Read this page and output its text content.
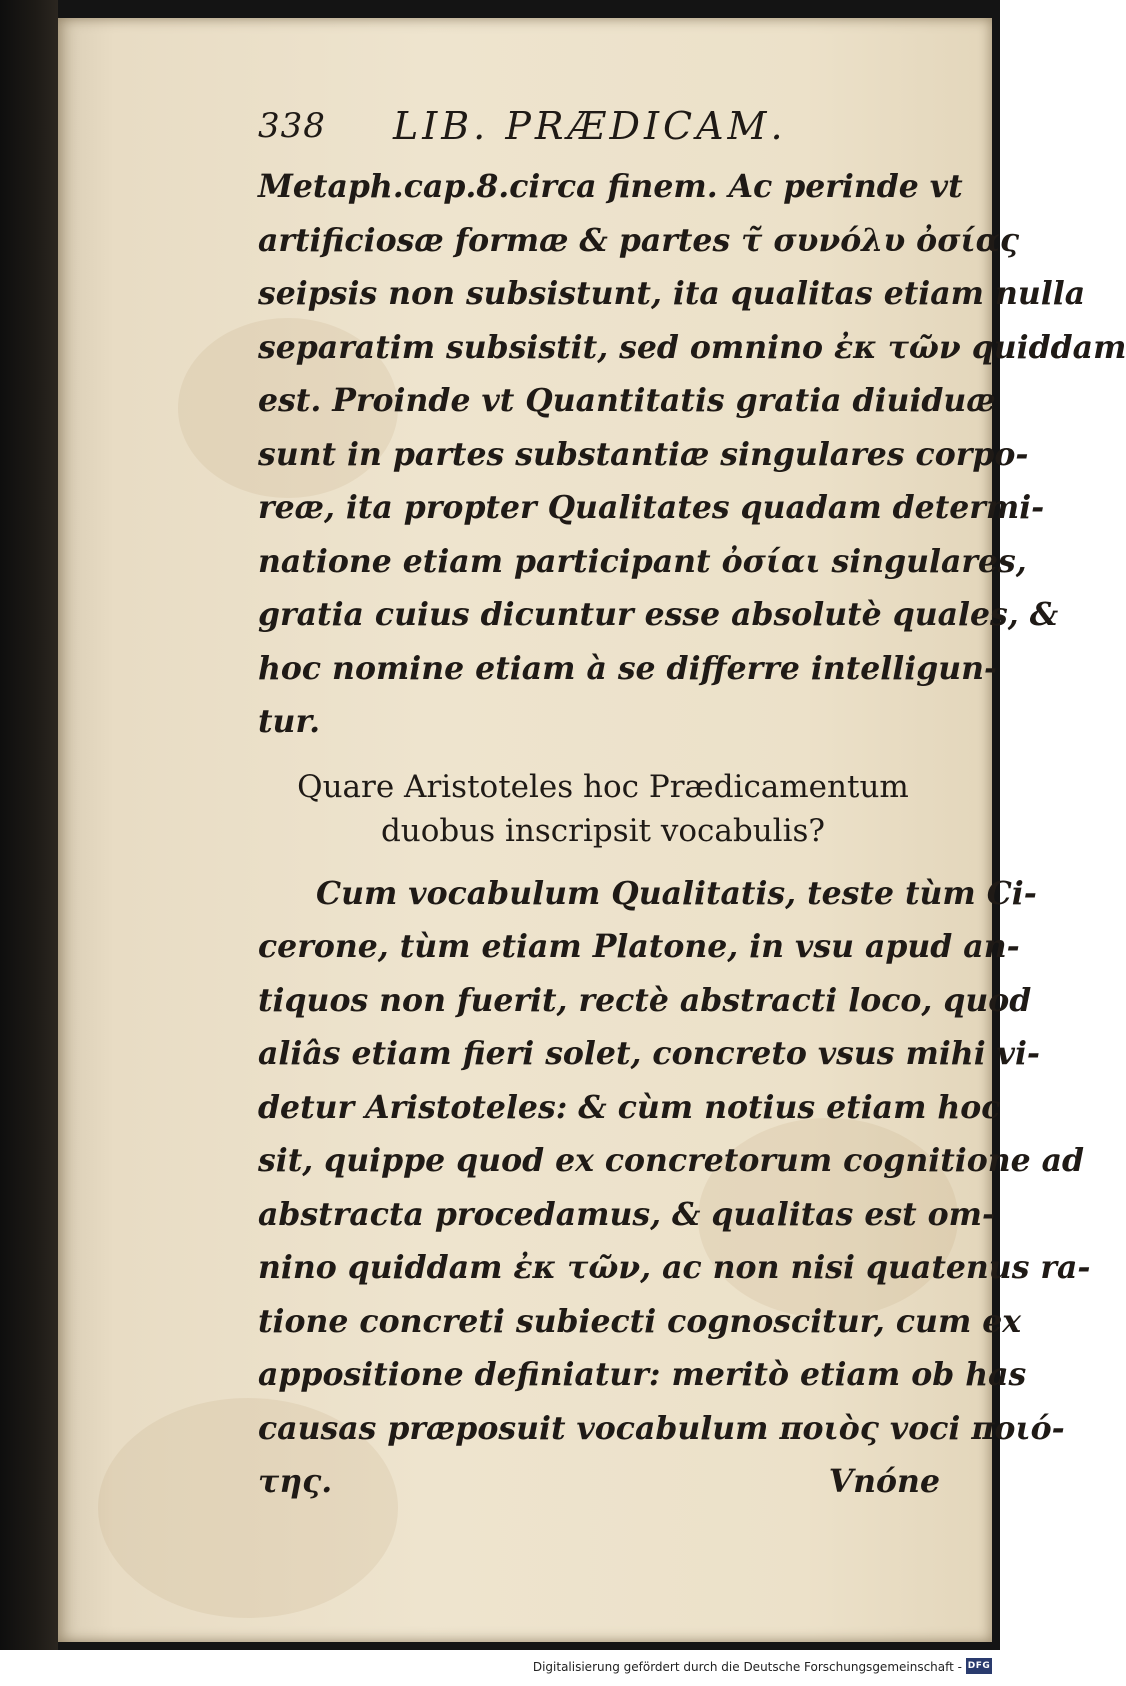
338 LIB. PRÆDICAM.
Metaph.cap.8.circa finem. Ac perinde vt
artificiosæ formæ & partes τ̃ συνόλυ ὀσίας
seipsis non subsistunt, ita qualitas etiam nulla
separatim subsistit, sed omnino ἐκ τῶν quiddam
est. Proinde vt Quantitatis gratia diuiduæ
sunt in partes substantiæ singulares corpo-
reæ, ita propter Qualitates quadam determi-
natione etiam participant ὀσίαι singulares,
gratia cuius dicuntur esse absolutè quales, &
hoc nomine etiam à se differre intelligun-
tur.
Quare Aristoteles hoc Prædicamentum
duobus inscripsit vocabulis?
Cum vocabulum Qualitatis, teste tùm Ci-
cerone, tùm etiam Platone, in vsu apud an-
tiquos non fuerit, rectè abstracti loco, quod
aliâs etiam fieri solet, concreto vsus mihi vi-
detur Aristoteles: & cùm notius etiam hoc
sit, quippe quod ex concretorum cognitione ad
abstracta procedamus, & qualitas est om-
nino quiddam ἐκ τῶν, ac non nisi quatenus ra-
tione concreti subiecti cognoscitur, cum ex
appositione definiatur: meritò etiam ob has
causas præposuit vocabulum ποιὸς voci ποιό-
της.	Vnóne
Digitalisierung gefördert durch die Deutsche Forschungsgemeinschaft - DFG
